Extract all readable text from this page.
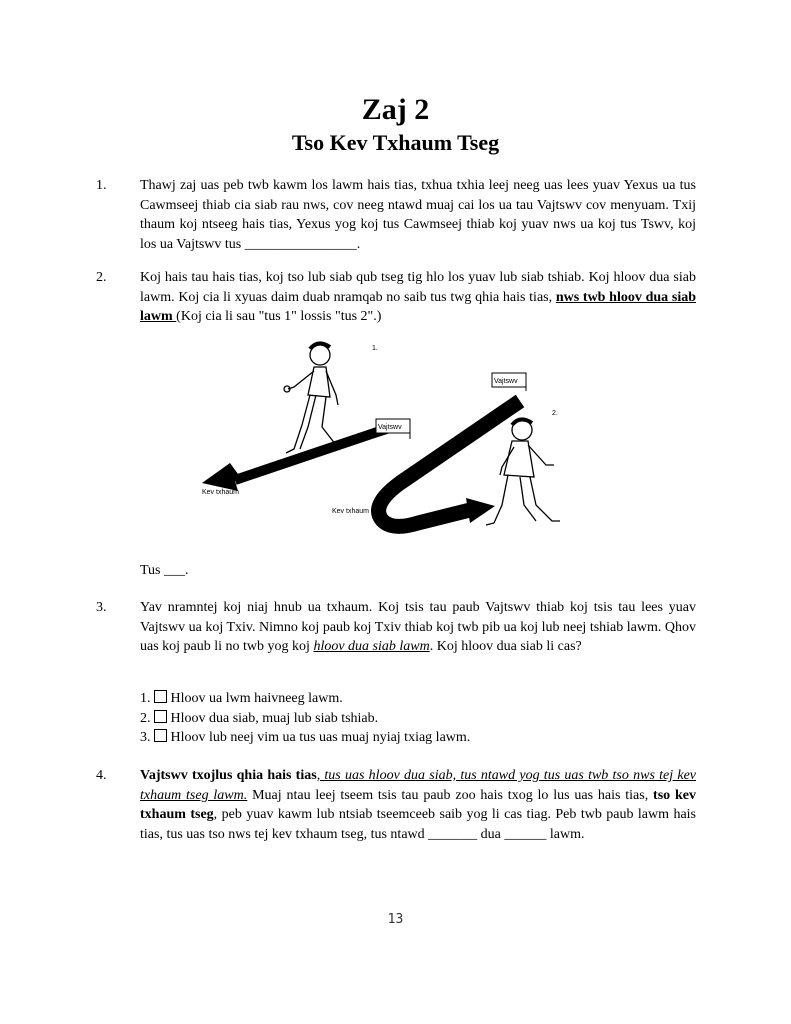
Zaj 2
Tso Kev Txhaum Tseg
1.	Thawj zaj uas peb twb kawm los lawm hais tias, txhua txhia leej neeg uas lees yuav Yexus ua tus Cawmseej thiab cia siab rau nws, cov neeg ntawd muaj cai los ua tau Vajtswv cov menyuam. Txij thaum koj ntseeg hais tias, Yexus yog koj tus Cawmseej thiab koj yuav nws ua koj tus Tswv, koj los ua Vajtswv tus ________________.
2.	Koj hais tau hais tias, koj tso lub siab qub tseg tig hlo los yuav lub siab tshiab. Koj hloov dua siab lawm. Koj cia li xyuas daim duab nramqab no saib tus twg qhia hais tias, nws twb hloov dua siab lawm (Koj cia li sau "tus 1" lossis "tus 2".)
Vajtswv
Vajtswv
Kev txhaum
Kev txhaum
1.
2.
Tus ___.
3.	Yav nramntej koj niaj hnub ua txhaum. Koj tsis tau paub Vajtswv thiab koj tsis tau lees yuav Vajtswv ua koj Txiv. Nimno koj paub koj Txiv thiab koj twb pib ua koj lub neej tshiab lawm. Qhov uas koj paub li no twb yog koj hloov dua siab lawm. Koj hloov dua siab li cas?
1. Hloov ua lwm haivneeg lawm.
2. Hloov dua siab, muaj lub siab tshiab.
3. Hloov lub neej vim ua tus uas muaj nyiaj txiag lawm.
4.	Vajtswv txojlus qhia hais tias, tus uas hloov dua siab, tus ntawd yog tus uas twb tso nws tej kev txhaum tseg lawm. Muaj ntau leej tseem tsis tau paub zoo hais txog lo lus uas hais tias, tso kev txhaum tseg, peb yuav kawm lub ntsiab tseemceeb saib yog li cas tiag. Peb twb paub lawm hais tias, tus uas tso nws tej kev txhaum tseg, tus ntawd _______ dua ______ lawm.
13
